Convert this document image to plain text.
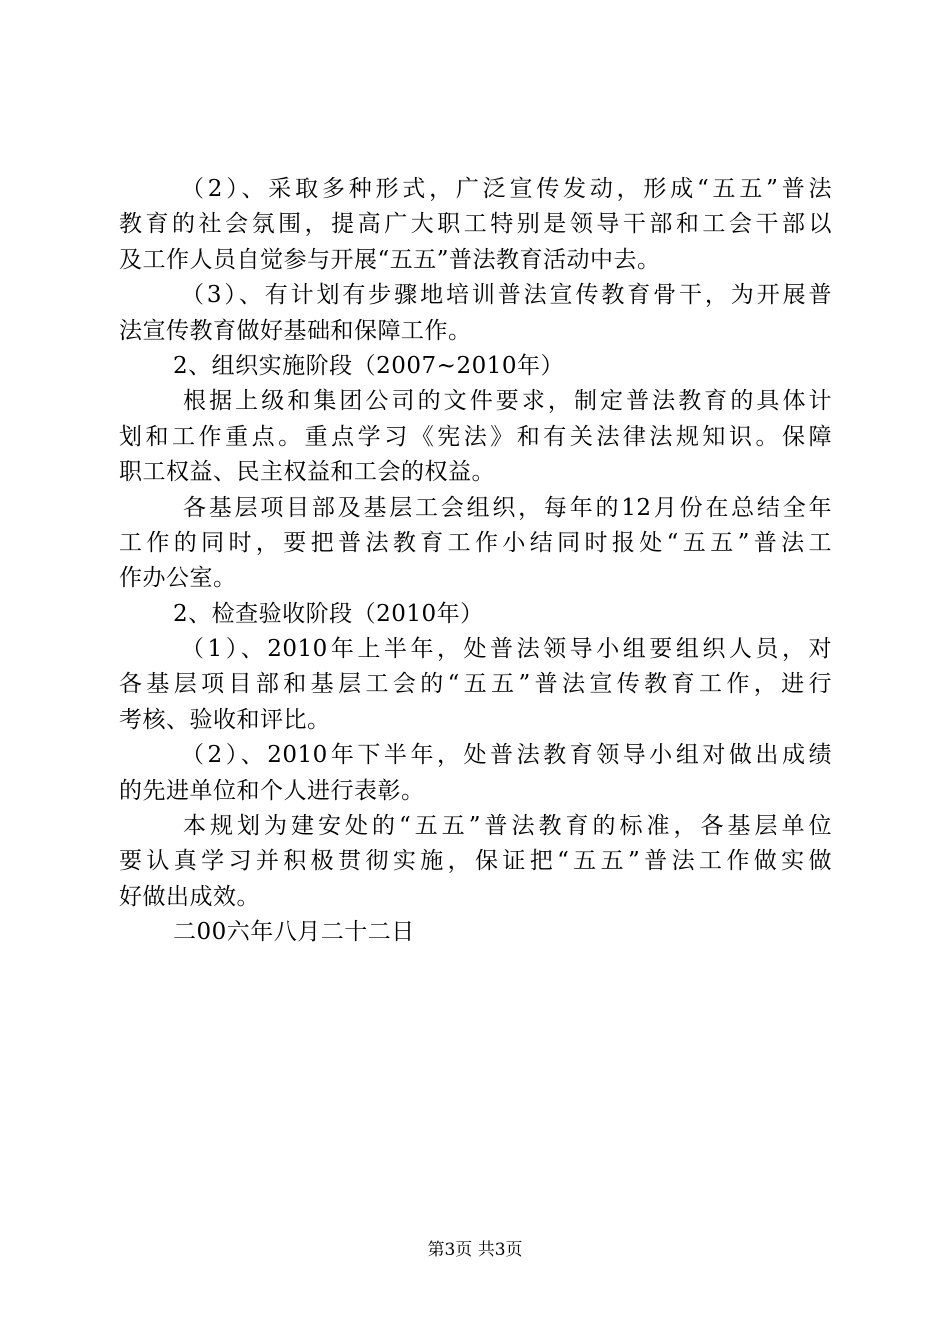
（2）、采取多种形式，广泛宣传发动，形成“五五”普法
教育的社会氛围，提高广大职工特别是领导干部和工会干部以
及工作人员自觉参与开展“五五”普法教育活动中去。
（3）、有计划有步骤地培训普法宣传教育骨干，为开展普
法宣传教育做好基础和保障工作。
2、组织实施阶段（2007~2010年）
根据上级和集团公司的文件要求，制定普法教育的具体计
划和工作重点。重点学习《宪法》和有关法律法规知识。保障
职工权益、民主权益和工会的权益。
各基层项目部及基层工会组织，每年的12月份在总结全年
工作的同时，要把普法教育工作小结同时报处“五五”普法工
作办公室。
2、检查验收阶段（2010年）
（1）、2010年上半年，处普法领导小组要组织人员，对
各基层项目部和基层工会的“五五”普法宣传教育工作，进行
考核、验收和评比。
（2）、2010年下半年，处普法教育领导小组对做出成绩
的先进单位和个人进行表彰。
本规划为建安处的“五五”普法教育的标准，各基层单位
要认真学习并积极贯彻实施，保证把“五五”普法工作做实做
好做出成效。
二00六年八月二十二日
第3页 共3页
